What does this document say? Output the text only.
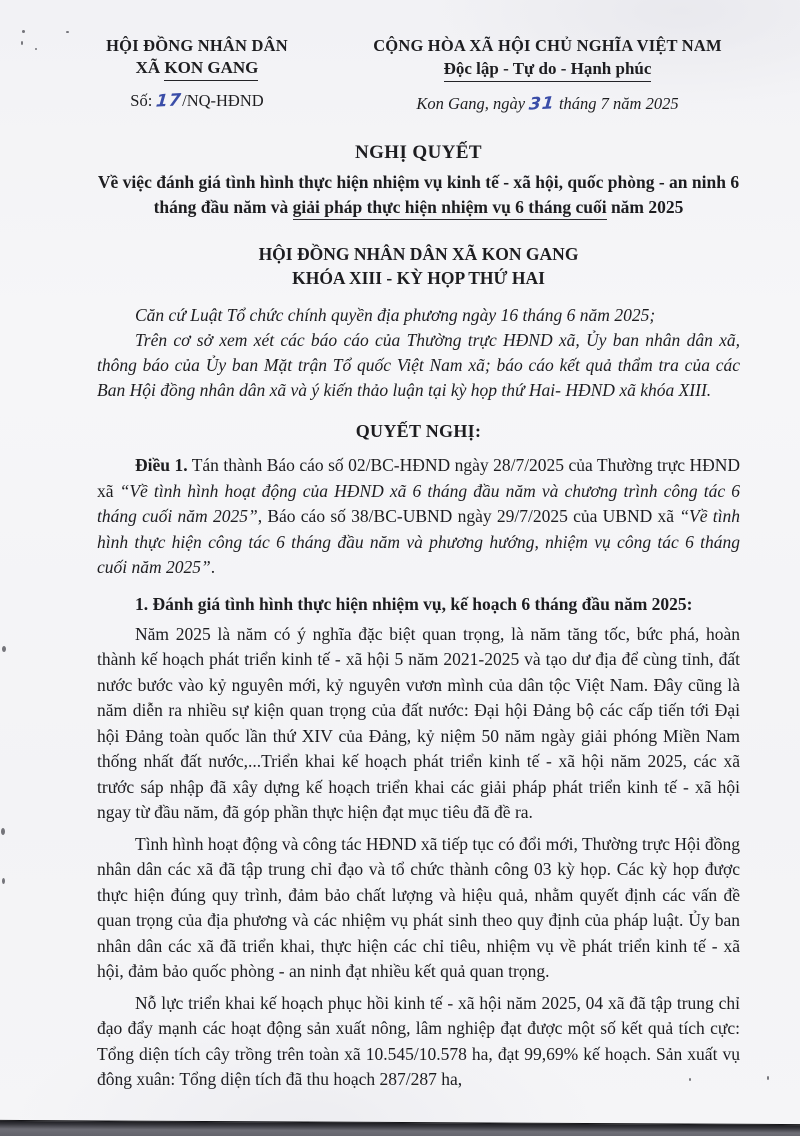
HỘI ĐỒNG NHÂN DÂN
XÃ KON GANG
Số: 17/NQ-HĐND
CỘNG HÒA XÃ HỘI CHỦ NGHĨA VIỆT NAM
Độc lập - Tự do - Hạnh phúc
Kon Gang, ngày 31 tháng 7 năm 2025
NGHỊ QUYẾT
Về việc đánh giá tình hình thực hiện nhiệm vụ kinh tế - xã hội, quốc phòng - an ninh 6 tháng đầu năm và giải pháp thực hiện nhiệm vụ 6 tháng cuối năm 2025
HỘI ĐỒNG NHÂN DÂN XÃ KON GANG
KHÓA XIII - KỲ HỌP THỨ HAI

Căn cứ Luật Tổ chức chính quyền địa phương ngày 16 tháng 6 năm 2025;

Trên cơ sở xem xét các báo cáo của Thường trực HĐND xã, Ủy ban nhân dân xã, thông báo của Ủy ban Mặt trận Tổ quốc Việt Nam xã; báo cáo kết quả thẩm tra của các Ban Hội đồng nhân dân xã và ý kiến thảo luận tại kỳ họp thứ Hai- HĐND xã khóa XIII.

QUYẾT NGHỊ:

Điều 1. Tán thành Báo cáo số 02/BC-HĐND ngày 28/7/2025 của Thường trực HĐND xã “Về tình hình hoạt động của HĐND xã 6 tháng đầu năm và chương trình công tác 6 tháng cuối năm 2025”, Báo cáo số 38/BC-UBND ngày 29/7/2025 của UBND xã “Về tình hình thực hiện công tác 6 tháng đầu năm và phương hướng, nhiệm vụ công tác 6 tháng cuối năm 2025”.

1. Đánh giá tình hình thực hiện nhiệm vụ, kế hoạch 6 tháng đầu năm 2025:

Năm 2025 là năm có ý nghĩa đặc biệt quan trọng, là năm tăng tốc, bức phá, hoàn thành kế hoạch phát triển kinh tế - xã hội 5 năm 2021-2025 và tạo dư địa để cùng tỉnh, đất nước bước vào kỷ nguyên mới, kỷ nguyên vươn mình của dân tộc Việt Nam. Đây cũng là năm diễn ra nhiều sự kiện quan trọng của đất nước: Đại hội Đảng bộ các cấp tiến tới Đại hội Đảng toàn quốc lần thứ XIV của Đảng, kỷ niệm 50 năm ngày giải phóng Miền Nam thống nhất đất nước,...Triển khai kế hoạch phát triển kinh tế - xã hội năm 2025, các xã trước sáp nhập đã xây dựng kế hoạch triển khai các giải pháp phát triển kinh tế - xã hội ngay từ đầu năm, đã góp phần thực hiện đạt mục tiêu đã đề ra.

Tình hình hoạt động và công tác HĐND xã tiếp tục có đổi mới, Thường trực Hội đồng nhân dân các xã đã tập trung chỉ đạo và tổ chức thành công 03 kỳ họp. Các kỳ họp được thực hiện đúng quy trình, đảm bảo chất lượng và hiệu quả, nhằm quyết định các vấn đề quan trọng của địa phương và các nhiệm vụ phát sinh theo quy định của pháp luật. Ủy ban nhân dân các xã đã triển khai, thực hiện các chỉ tiêu, nhiệm vụ về phát triển kinh tế - xã hội, đảm bảo quốc phòng - an ninh đạt nhiều kết quả quan trọng.

Nỗ lực triển khai kế hoạch phục hồi kinh tế - xã hội năm 2025, 04 xã đã tập trung chỉ đạo đẩy mạnh các hoạt động sản xuất nông, lâm nghiệp đạt được một số kết quả tích cực: Tổng diện tích cây trồng trên toàn xã 10.545/10.578 ha, đạt 99,69% kế hoạch. Sản xuất vụ đông xuân: Tổng diện tích đã thu hoạch 287/287 ha,
